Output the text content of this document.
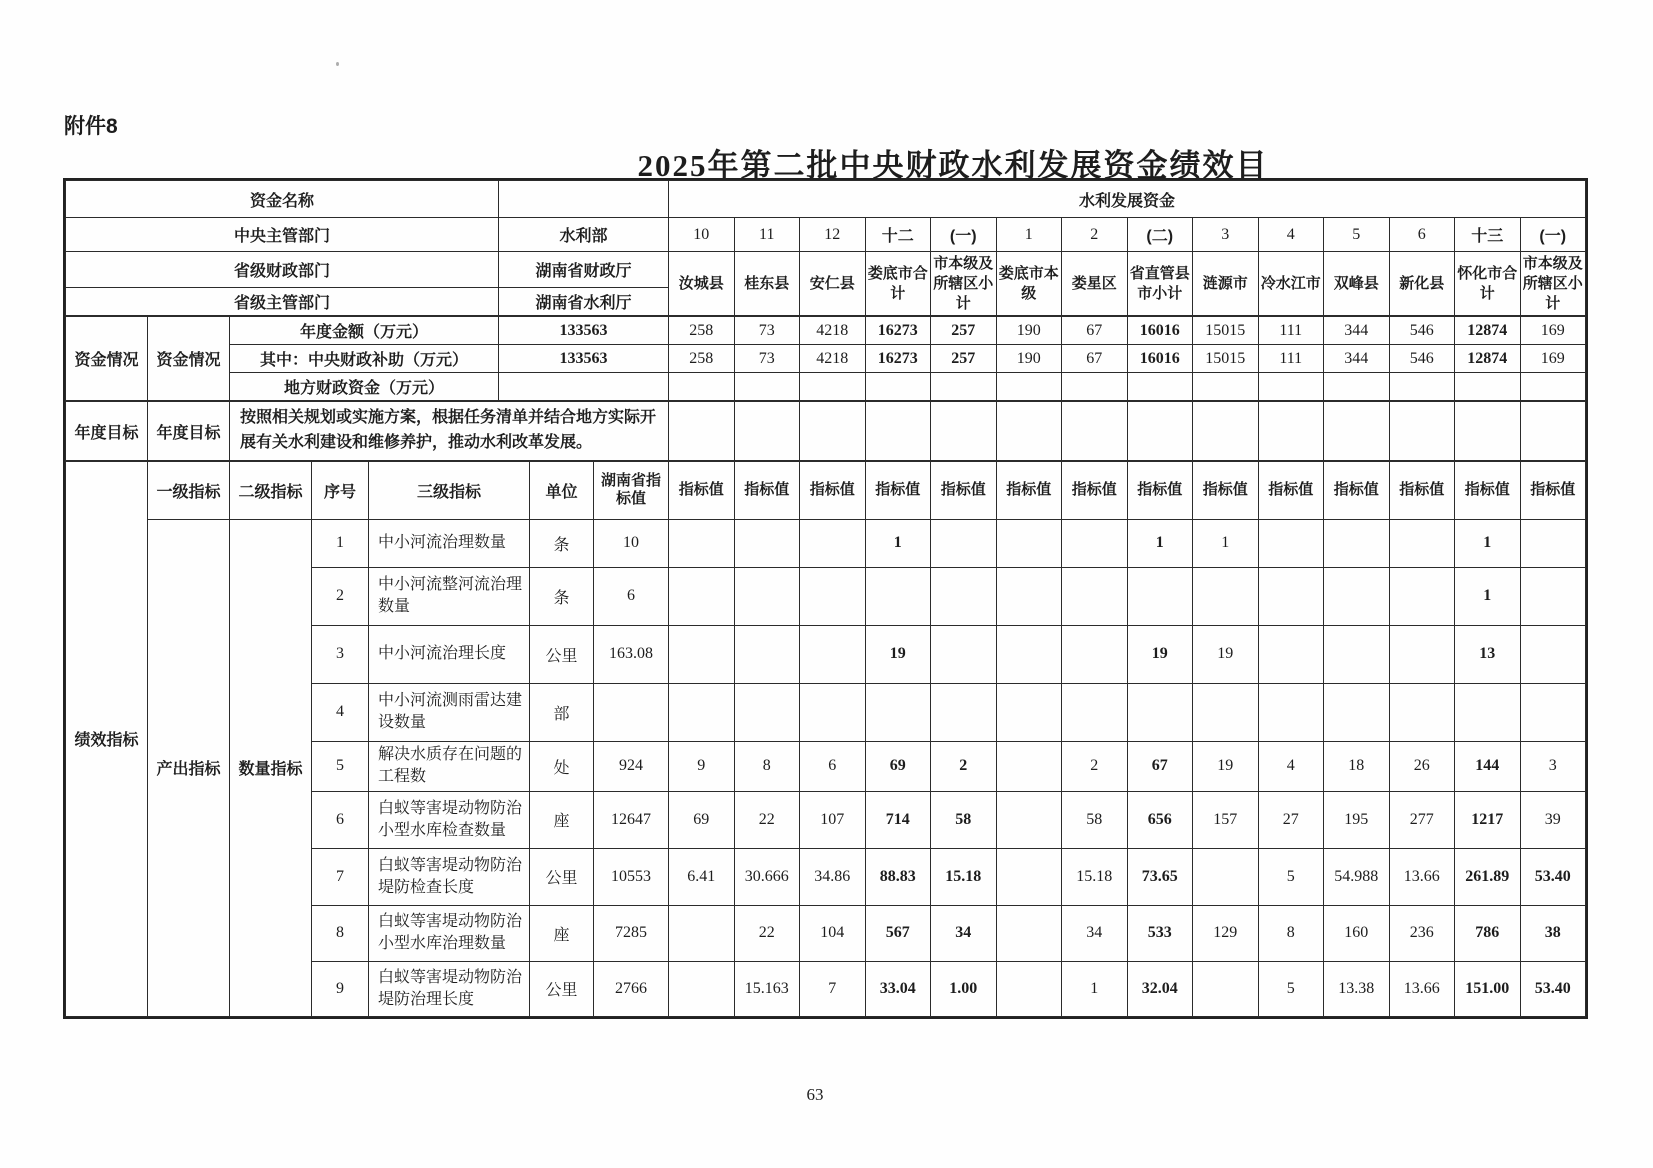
附件8
2025年第二批中央财政水利发展资金绩效目
资金名称		水利发展资金													
中央主管部门	水利部	10	11	12	十二	(一)	1	2	(二)	3	4	5	6	十三	(一)
省级财政部门	湖南省财政厅	汝城县	桂东县	安仁县	娄底市合计	市本级及所辖区小计	娄底市本级	娄星区	省直管县市小计	涟源市	冷水江市	双峰县	新化县	怀化市合计	市本级及所辖区小计
省级主管部门	湖南省水利厅														
资金情况	资金情况	年度金额（万元）	133563	258	73	4218	16273	257	190	67	16016	15015	111	344	546	12874	169
		其中：中央财政补助（万元）	133563	258	73	4218	16273	257	190	67	16016	15015	111	344	546	12874	169
		地方财政资金（万元）															
年度目标	年度目标	按照相关规划或实施方案，根据任务清单并结合地方实际开展有关水利建设和维修养护，推动水利改革发展。														
绩效指标	一级指标	二级指标	序号	三级指标	单位	湖南省指标值	指标值	指标值	指标值	指标值	指标值	指标值	指标值	指标值	指标值	指标值	指标值	指标值	指标值	指标值
	产出指标	数量指标	1	中小河流治理数量	条	10				1				1	1				1	
			2	中小河流整河流治理数量	条	6													1	
			3	中小河流治理长度	公里	163.08				19				19	19				13	
			4	中小河流测雨雷达建设数量	部															
			5	解决水质存在问题的工程数	处	924	9	8	6	69	2		2	67	19	4	18	26	144	3
			6	白蚁等害堤动物防治小型水库检查数量	座	12647	69	22	107	714	58		58	656	157	27	195	277	1217	39
			7	白蚁等害堤动物防治堤防检查长度	公里	10553	6.41	30.666	34.86	88.83	15.18		15.18	73.65		5	54.988	13.66	261.89	53.40
			8	白蚁等害堤动物防治小型水库治理数量	座	7285		22	104	567	34		34	533	129	8	160	236	786	38
			9	白蚁等害堤动物防治堤防治理长度	公里	2766		15.163	7	33.04	1.00		1	32.04		5	13.38	13.66	151.00	53.40
63
